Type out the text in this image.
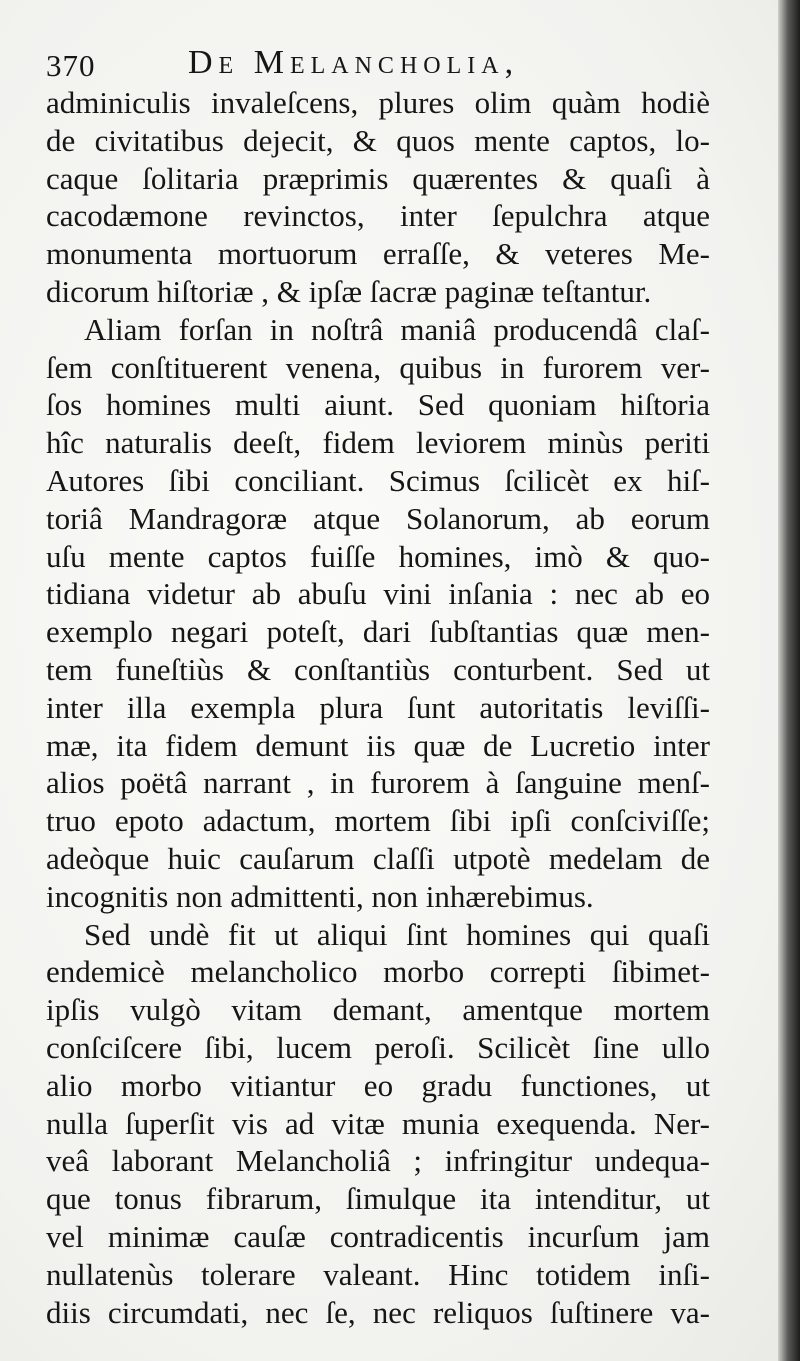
370	De Melancholia,
adminiculis invaleſcens, plures olim quàm hodiè
de civitatibus dejecit, & quos mente captos, lo-
caque ſolitaria præprimis quærentes & quaſi à
cacodæmone revinctos, inter ſepulchra atque
monumenta mortuorum erraſſe, & veteres Me-
dicorum hiſtoriæ , & ipſæ ſacræ paginæ teſtantur.
Aliam forſan in noſtrâ maniâ producendâ claſ-
ſem conſtituerent venena, quibus in furorem ver-
ſos homines multi aiunt. Sed quoniam hiſtoria
hîc naturalis deeſt, fidem leviorem minùs periti
Autores ſibi conciliant. Scimus ſcilicèt ex hiſ-
toriâ Mandragoræ atque Solanorum, ab eorum
uſu mente captos fuiſſe homines, imò & quo-
tidiana videtur ab abuſu vini inſania : nec ab eo
exemplo negari poteſt, dari ſubſtantias quæ men-
tem funeſtiùs & conſtantiùs conturbent. Sed ut
inter illa exempla plura ſunt autoritatis leviſſi-
mæ, ita fidem demunt iis quæ de Lucretio inter
alios poëtâ narrant , in furorem à ſanguine menſ-
truo epoto adactum, mortem ſibi ipſi conſciviſſe;
adeòque huic cauſarum claſſi utpotè medelam de
incognitis non admittenti, non inhærebimus.
Sed undè fit ut aliqui ſint homines qui quaſi
endemicè melancholico morbo correpti ſibimet-
ipſis vulgò vitam demant, amentque mortem
conſciſcere ſibi, lucem peroſi. Scilicèt ſine ullo
alio morbo vitiantur eo gradu functiones, ut
nulla ſuperſit vis ad vitæ munia exequenda. Ner-
veâ laborant Melancholiâ ; infringitur undequa-
que tonus fibrarum, ſimulque ita intenditur, ut
vel minimæ cauſæ contradicentis incurſum jam
nullatenùs tolerare valeant. Hinc totidem inſi-
diis circumdati, nec ſe, nec reliquos ſuſtinere va-
